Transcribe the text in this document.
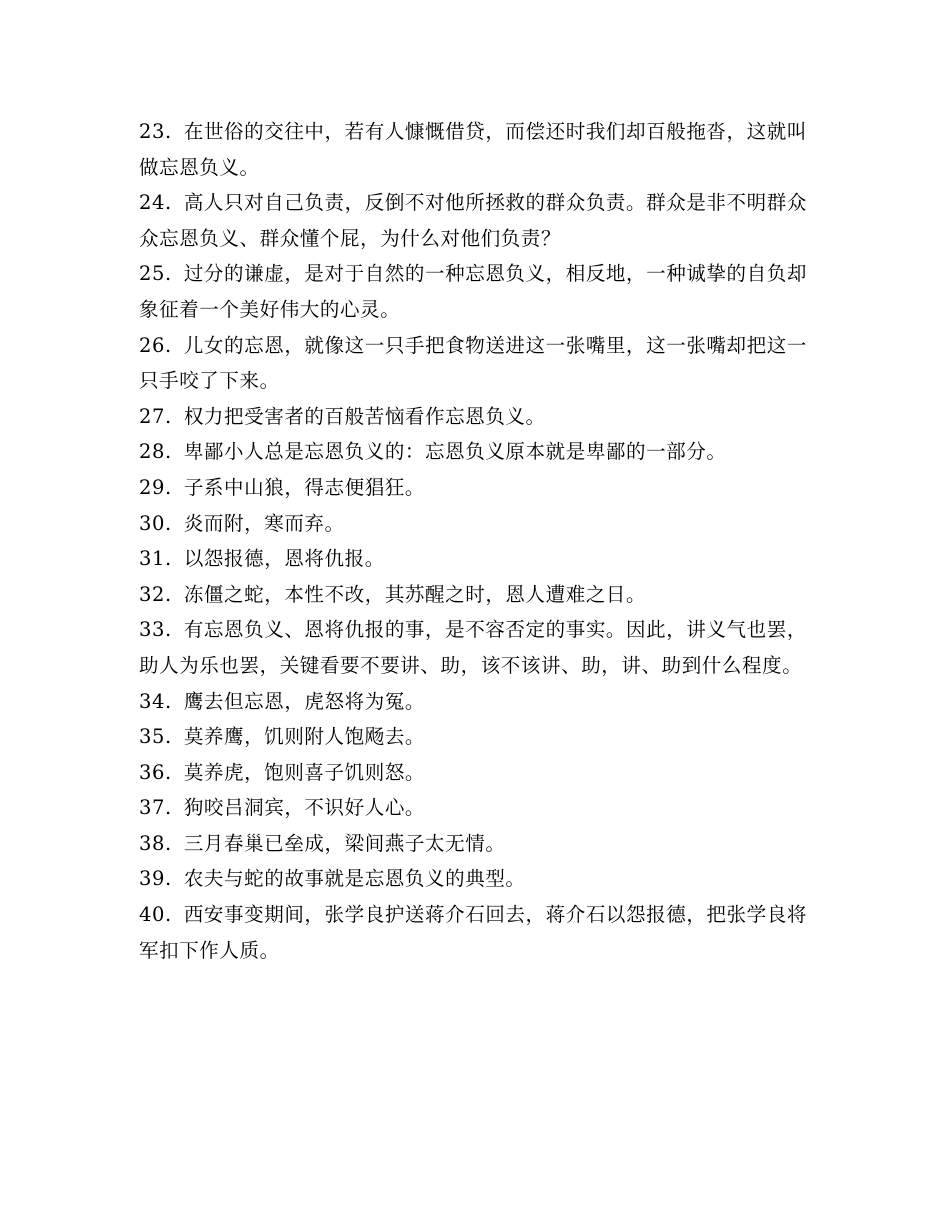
23. 在世俗的交往中，若有人慷慨借贷，而偿还时我们却百般拖沓，这就叫做忘恩负义。

24. 高人只对自己负责，反倒不对他所拯救的群众负责。群众是非不明群众众忘恩负义、群众懂个屁，为什么对他们负责？

25. 过分的谦虚，是对于自然的一种忘恩负义，相反地，一种诚挚的自负却象征着一个美好伟大的心灵。

26. 儿女的忘恩，就像这一只手把食物送进这一张嘴里，这一张嘴却把这一只手咬了下来。

27. 权力把受害者的百般苦恼看作忘恩负义。

28. 卑鄙小人总是忘恩负义的：忘恩负义原本就是卑鄙的一部分。

29. 子系中山狼，得志便猖狂。

30. 炎而附，寒而弃。

31. 以怨报德，恩将仇报。

32. 冻僵之蛇，本性不改，其苏醒之时，恩人遭难之日。

33. 有忘恩负义、恩将仇报的事，是不容否定的事实。因此，讲义气也罢，助人为乐也罢，关键看要不要讲、助，该不该讲、助，讲、助到什么程度。

34. 鹰去但忘恩，虎怒将为冤。

35. 莫养鹰，饥则附人饱飏去。

36. 莫养虎，饱则喜子饥则怒。

37. 狗咬吕洞宾，不识好人心。

38. 三月春巢已垒成，梁间燕子太无情。

39. 农夫与蛇的故事就是忘恩负义的典型。

40. 西安事变期间，张学良护送蒋介石回去，蒋介石以怨报德，把张学良将军扣下作人质。
